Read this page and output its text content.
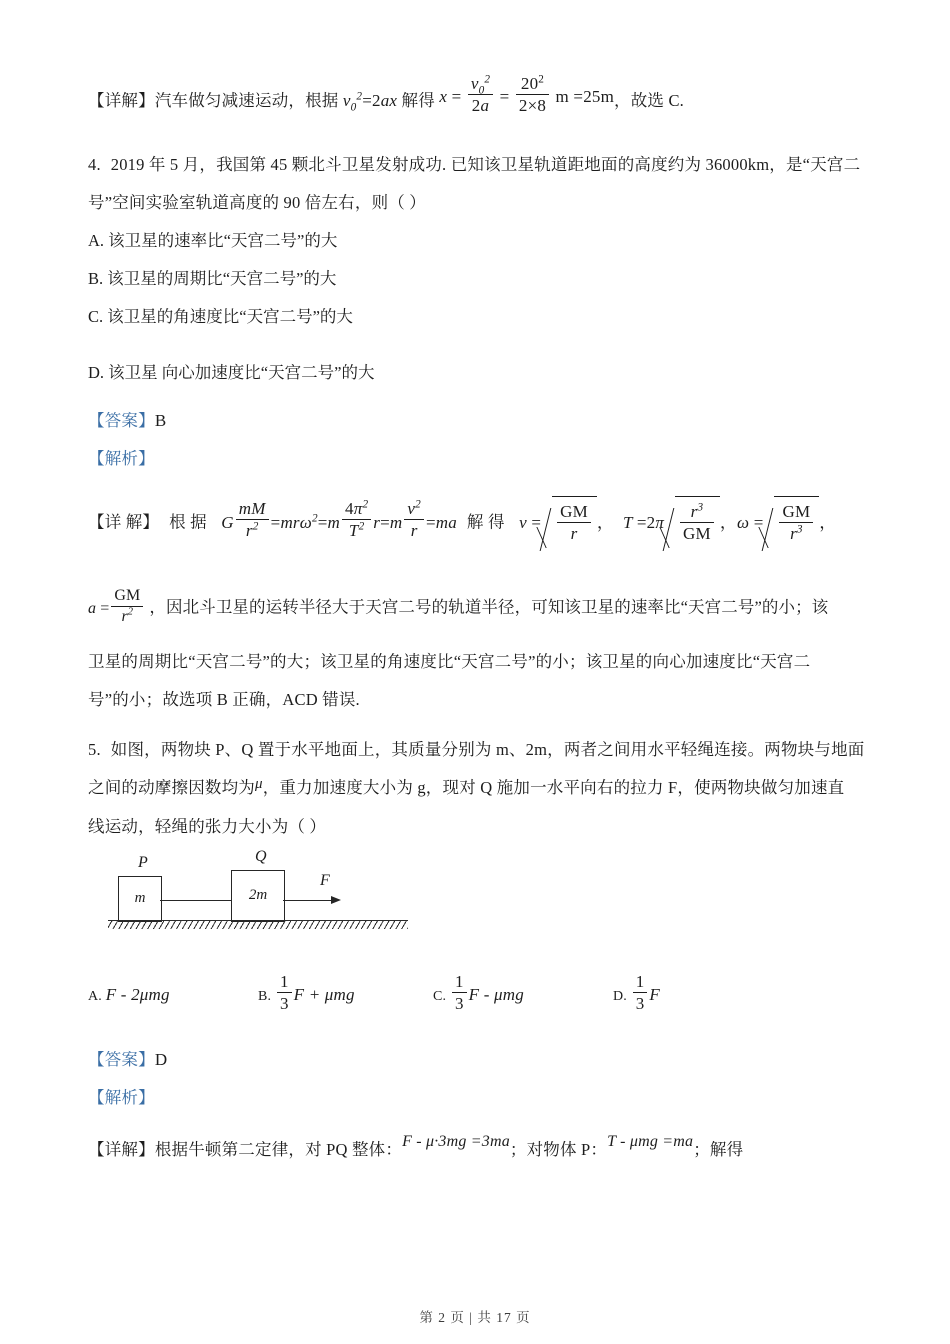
【详解】汽车做匀减速运动，根据 $v_0^2=2ax$ 解得 $x = \frac{v_0^2}{2a} = \frac{20^2}{2\times 8}$ m =25m，故选 C.
4. 2019 年 5 月，我国第 45 颗北斗卫星发射成功. 已知该卫星轨道距地面的高度约为 36000km，是“天宫二
号”空间实验室轨道高度的 90 倍左右，则（ ）
A. 该卫星的速率比“天宫二号”的大
B. 该卫星的周期比“天宫二号”的大
C. 该卫星的角速度比“天宫二号”的大
D. 该卫星 向心加速度比“天宫二号”的大
【答案】B
【解析】
【详 解】 根 据 G $\frac{mM}{r^2} =mr\omega^2=m \frac{4\pi^2}{T^2} r=m \frac{v^2}{r} =ma$ 解 得 $v = \frac{GM}{r}$ ，  $T =2\pi \frac{r^3}{GM}$ ，$\omega = \frac{GM}{r^3}$ ，
$a = \frac{GM}{r^2}$ ，因北斗卫星的运转半径大于天宫二号的轨道半径，可知该卫星的速率比“天宫二号”的小；该
卫星的周期比“天宫二号”的大；该卫星的角速度比“天宫二号”的小；该卫星的向心加速度比“天宫二
号”的小；故选项 B 正确，ACD 错误.
5. 如图，两物块 P、Q 置于水平地面上，其质量分别为 m、2m，两者之间用水平轻绳连接。两物块与地面
之间的动摩擦因数均为μ，重力加速度大小为 g，现对 Q 施加一水平向右的拉力 F，使两物块做匀加速直
线运动，轻绳的张力大小为（ ）
P
m
Q
2m
F
A. F - 2μmg	B. $\frac{1}{3}$ F + μmg	C. $\frac{1}{3}$ F - μmg	D. $\frac{1}{3}$ F
【答案】D
【解析】
【详解】根据牛顿第二定律，对 PQ 整体：F - μ·3mg =3ma；对物体 P：T - μmg =ma；解得
第 2 页 | 共 17 页
